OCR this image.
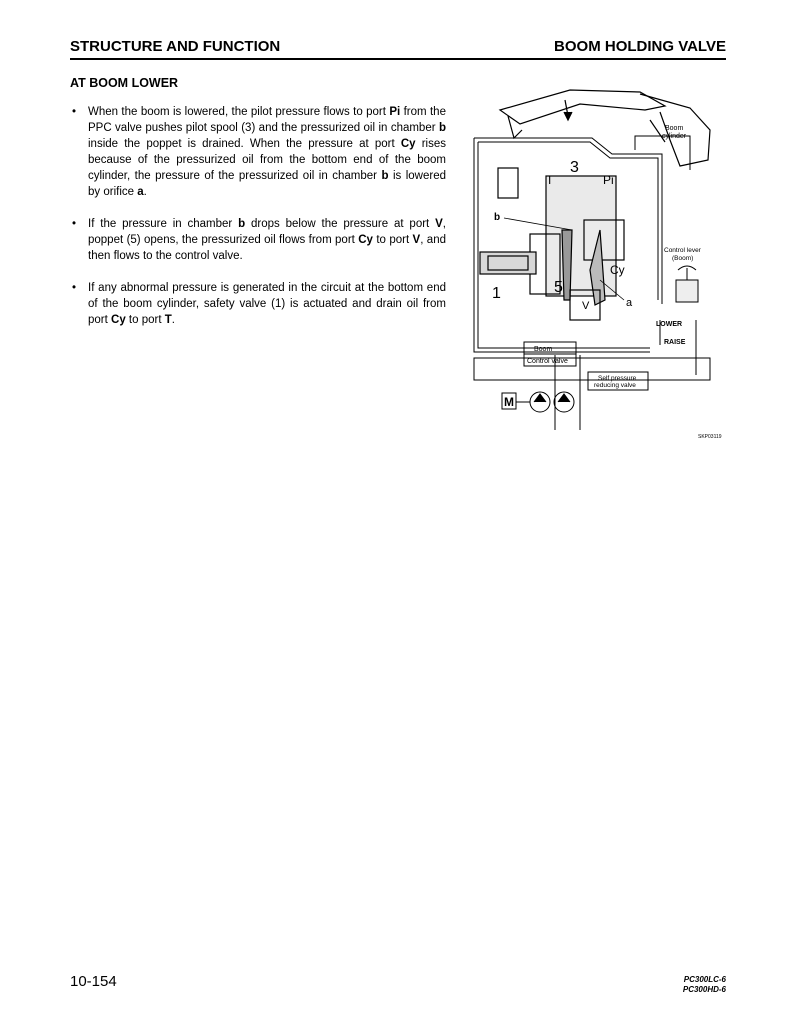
STRUCTURE AND FUNCTION	BOOM HOLDING VALVE
AT BOOM LOWER
• When the boom is lowered, the pilot pressure flows to port Pi from the PPC valve pushes pilot spool (3) and the pressurized oil in chamber b inside the poppet is drained. When the pressure at port Cy rises because of the pressurized oil from the bottom end of the boom cylinder, the pressure of the pressurized oil in chamber b is lowered by orifice a.
• If the pressure in chamber b drops below the pressure at port V, poppet (5) opens, the pressurized oil flows from port Cy to port V, and then flows to the control valve.
• If any abnormal pressure is generated in the circuit at the bottom end of the boom cylinder, safety valve (1) is actuated and drain oil from port Cy to port T.
Boom
cylinder
3
T	Pi
b
Cy
1	5
V	a
Control lever
(Boom)
LOWER
RAISE
Boom
Control valve
Self pressure
reducing valve
M
SKP03119
10-154	PC300LC-6
PC300HD-6
